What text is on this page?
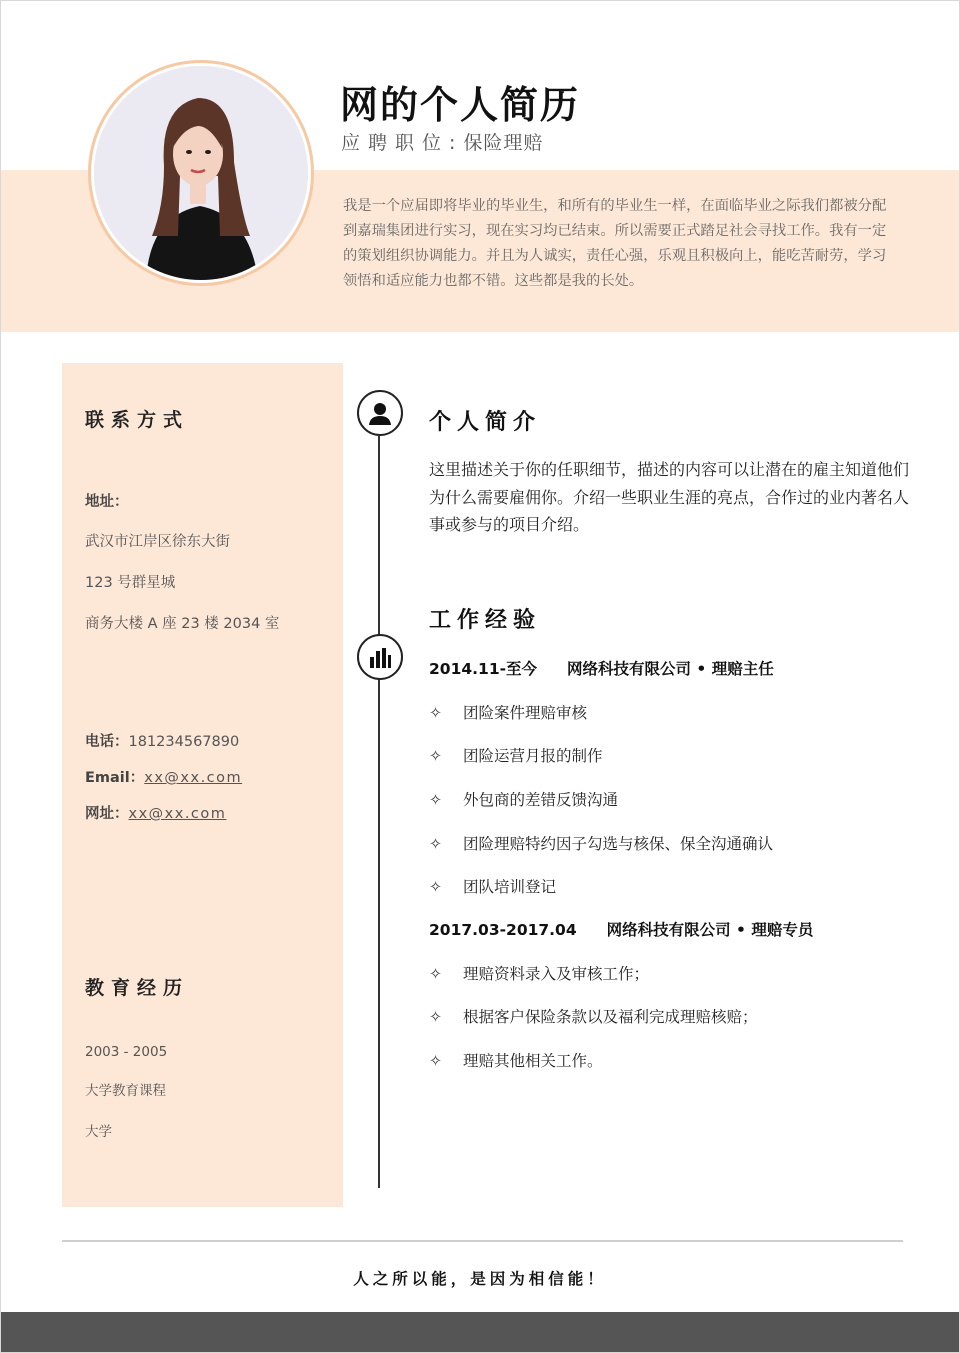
网的个人简历
应聘职位:保险理赔
我是一个应届即将毕业的毕业生，和所有的毕业生一样，在面临毕业之际我们都被分配到嘉瑞集团进行实习，现在实习均已结束。所以需要正式踏足社会寻找工作。我有一定的策划组织协调能力。并且为人诚实，责任心强，乐观且积极向上，能吃苦耐劳，学习领悟和适应能力也都不错。这些都是我的长处。
联系方式
地址：
武汉市江岸区徐东大街
123 号群星城
商务大楼 A 座 23 楼 2034 室
电话：181234567890
Email：xx@xx.com
网址：xx@xx.com
教育经历
2003 - 2005
大学教育课程
大学
个人简介
这里描述关于你的任职细节，描述的内容可以让潜在的雇主知道他们为什么需要雇佣你。介绍一些职业生涯的亮点，合作过的业内著名人事或参与的项目介绍。
工作经验
2014.11-至今 网络科技有限公司 • 理赔主任
✧ 团险案件理赔审核
✧ 团险运营月报的制作
✧ 外包商的差错反馈沟通
✧ 团险理赔特约因子勾选与核保、保全沟通确认
✧ 团队培训登记
2017.03-2017.04 网络科技有限公司 • 理赔专员
✧ 理赔资料录入及审核工作；
✧ 根据客户保险条款以及福利完成理赔核赔；
✧ 理赔其他相关工作。
人之所以能，是因为相信能！
